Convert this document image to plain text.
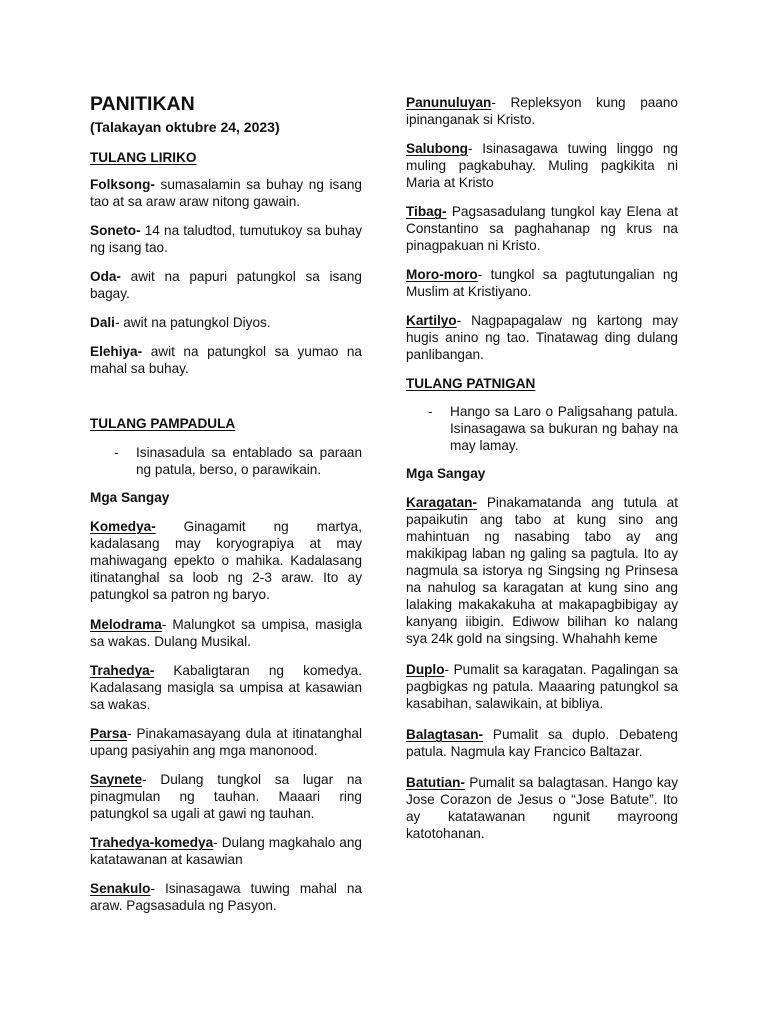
PANITIKAN
(Talakayan oktubre 24, 2023)
TULANG LIRIKO

Folksong- sumasalamin sa buhay ng isang tao at sa araw araw nitong gawain.

Soneto- 14 na taludtod, tumutukoy sa buhay ng isang tao.

Oda- awit na papuri patungkol sa isang bagay.

Dali- awit na patungkol Diyos.

Elehiya- awit na patungkol sa yumao na mahal sa buhay.

TULANG PAMPADULA
-	Isinasadula sa entablado sa paraan ng patula, berso, o parawikain.
Mga Sangay

Komedya- Ginagamit ng martya, kadalasang may koryograpiya at may mahiwagang epekto o mahika. Kadalasang itinatanghal sa loob ng 2-3 araw. Ito ay patungkol sa patron ng baryo.

Melodrama- Malungkot sa umpisa, masigla sa wakas. Dulang Musikal.

Trahedya- Kabaligtaran ng komedya. Kadalasang masigla sa umpisa at kasawian sa wakas.

Parsa- Pinakamasayang dula at itinatanghal upang pasiyahin ang mga manonood.

Saynete- Dulang tungkol sa lugar na pinagmulan ng tauhan. Maaari ring patungkol sa ugali at gawi ng tauhan.

Trahedya-komedya- Dulang magkahalo ang katatawanan at kasawian

Senakulo- Isinasagawa tuwing mahal na araw. Pagsasadula ng Pasyon.

Panunuluyan- Repleksyon kung paano ipinanganak si Kristo.

Salubong- Isinasagawa tuwing linggo ng muling pagkabuhay. Muling pagkikita ni Maria at Kristo

Tibag- Pagsasadulang tungkol kay Elena at Constantino sa paghahanap ng krus na pinagpakuan ni Kristo.

Moro-moro- tungkol sa pagtutungalian ng Muslim at Kristiyano.

Kartilyo- Nagpapagalaw ng kartong may hugis anino ng tao. Tinatawag ding dulang panlibangan.

TULANG PATNIGAN
-	Hango sa Laro o Paligsahang patula. Isinasagawa sa bukuran ng bahay na may lamay.
Mga Sangay

Karagatan- Pinakamatanda ang tutula at papaikutin ang tabo at kung sino ang mahintuan ng nasabing tabo ay ang makikipag laban ng galing sa pagtula. Ito ay nagmula sa istorya ng Singsing ng Prinsesa na nahulog sa karagatan at kung sino ang lalaking makakakuha at makapagbibigay ay kanyang iibigin. Ediwow bilihan ko nalang sya 24k gold na singsing. Whahahh keme

Duplo- Pumalit sa karagatan. Pagalingan sa pagbigkas ng patula. Maaaring patungkol sa kasabihan, salawikain, at bibliya.

Balagtasan- Pumalit sa duplo. Debateng patula. Nagmula kay Francico Baltazar.

Batutian- Pumalit sa balagtasan. Hango kay Jose Corazon de Jesus o “Jose Batute”. Ito ay katatawanan ngunit mayroong katotohanan.
